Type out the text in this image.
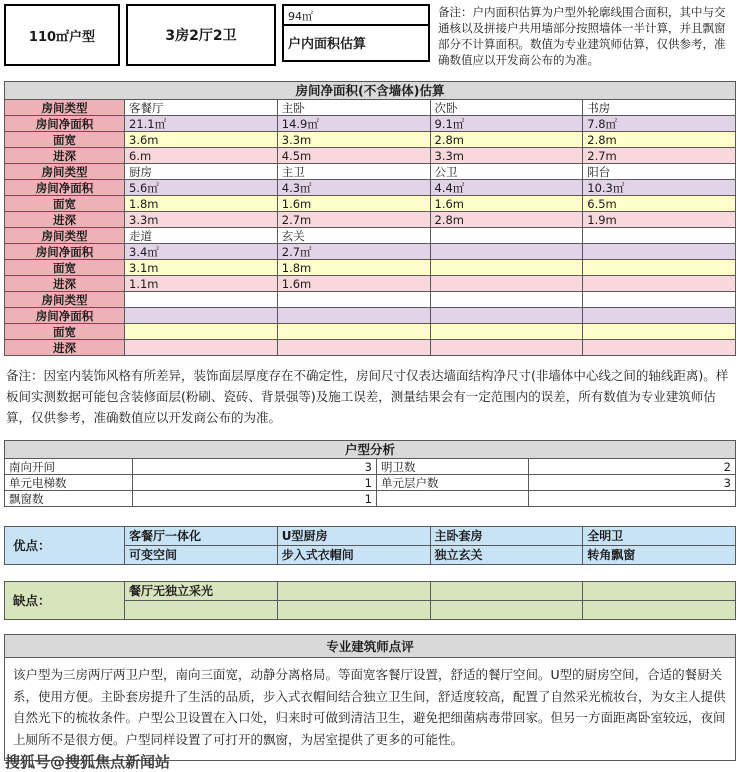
110㎡户型	3房2厅2卫
94㎡
户内面积估算
备注：户内面积估算为户型外轮廓线围合面积，其中与交通核以及拼接户共用墙部分按照墙体一半计算，并且飘窗部分不计算面积。数值为专业建筑师估算，仅供参考，准确数值应以开发商公布的为准。
房间净面积(不含墙体)估算				
房间类型	客餐厅	主卧	次卧	书房
房间净面积	21.1㎡	14.9㎡	9.1㎡	7.8㎡
面宽	3.6m	3.3m	2.8m	2.8m
进深	6.m	4.5m	3.3m	2.7m
房间类型	厨房	主卫	公卫	阳台
房间净面积	5.6㎡	4.3㎡	4.4㎡	10.3㎡
面宽	1.8m	1.6m	1.6m	6.5m
进深	3.3m	2.7m	2.8m	1.9m
房间类型	走道	玄关		
房间净面积	3.4㎡	2.7㎡		
面宽	3.1m	1.8m		
进深	1.1m	1.6m		
房间类型				
房间净面积				
面宽				
进深				
备注：因室内装饰风格有所差异，装饰面层厚度存在不确定性，房间尺寸仅表达墙面结构净尺寸(非墙体中心线之间的轴线距离)。样板间实测数据可能包含装修面层(粉刷、瓷砖、背景强等)及施工误差，测量结果会有一定范围内的误差，所有数值为专业建筑师估算，仅供参考，准确数值应以开发商公布的为准。
户型分析			
南向开间	3	明卫数	2
单元电梯数	1	单元层户数	3
飘窗数	1		
优点：	客餐厅一体化	U型厨房	主卧套房	全明卫
	可变空间	步入式衣帽间	独立玄关	转角飘窗
缺点：	餐厅无独立采光			

专业建筑师点评
该户型为三房两厅两卫户型，南向三面宽，动静分离格局。等面宽客餐厅设置，舒适的餐厅空间。U型的厨房空间，合适的餐厨关系，使用方便。主卧套房提升了生活的品质，步入式衣帽间结合独立卫生间，舒适度较高，配置了自然采光梳妆台，为女主人提供自然光下的梳妆条件。户型公卫设置在入口处，归来时可做到清洁卫生，避免把细菌病毒带回家。但另一方面距离卧室较远，夜间上厕所不是很方便。户型同样设置了可打开的飘窗，为居室提供了更多的可能性。
搜狐号@搜狐焦点新闻站
